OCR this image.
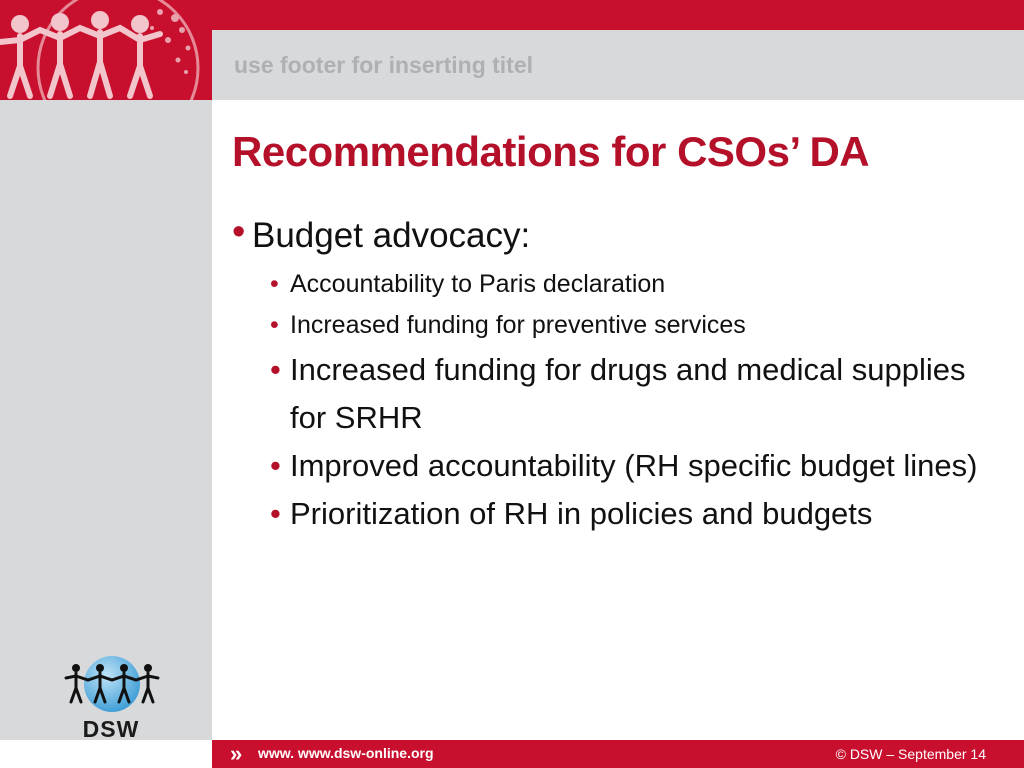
use footer for inserting titel
DSW
Recommendations for CSOs’ DA
• Budget advocacy:
• Accountability to Paris declaration
• Increased funding for preventive services
• Increased funding for drugs and medical supplies for SRHR
• Improved accountability (RH specific budget lines)
• Prioritization of RH in policies and budgets
» www. www.dsw-online.org	© DSW – September 14
